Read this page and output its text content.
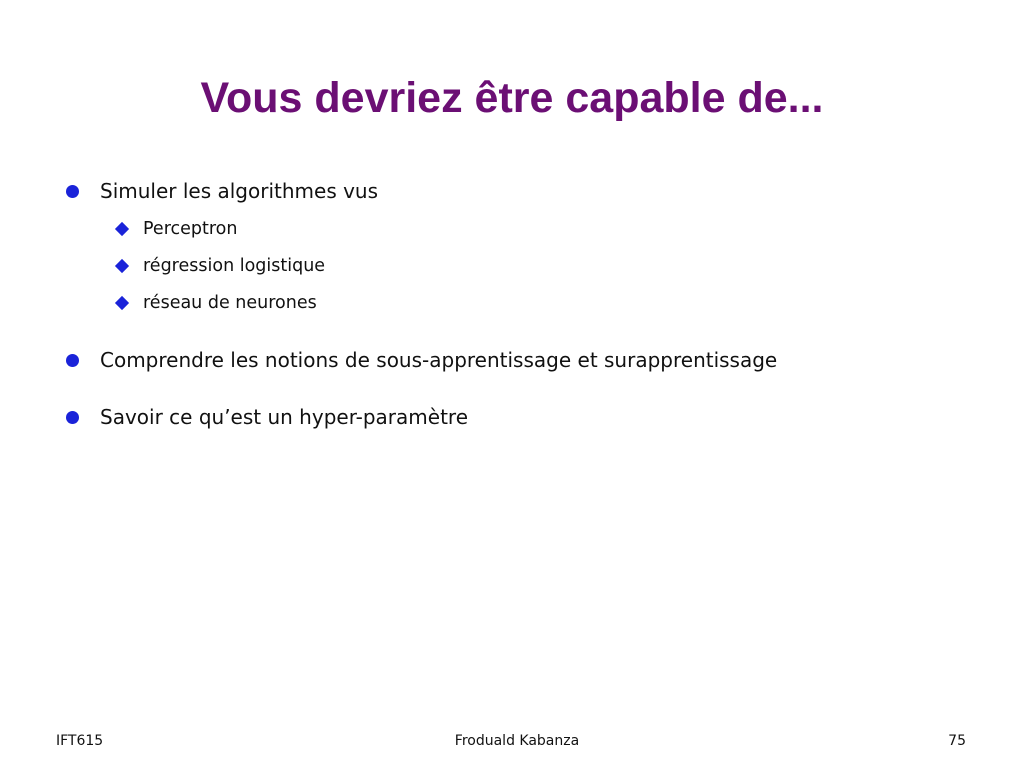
Vous devriez être capable de...
Simuler les algorithmes vus
Perceptron
régression logistique
réseau de neurones
Comprendre les notions de sous-apprentissage et surapprentissage
Savoir ce qu’est un hyper-paramètre
IFT615	Froduald Kabanza	75
